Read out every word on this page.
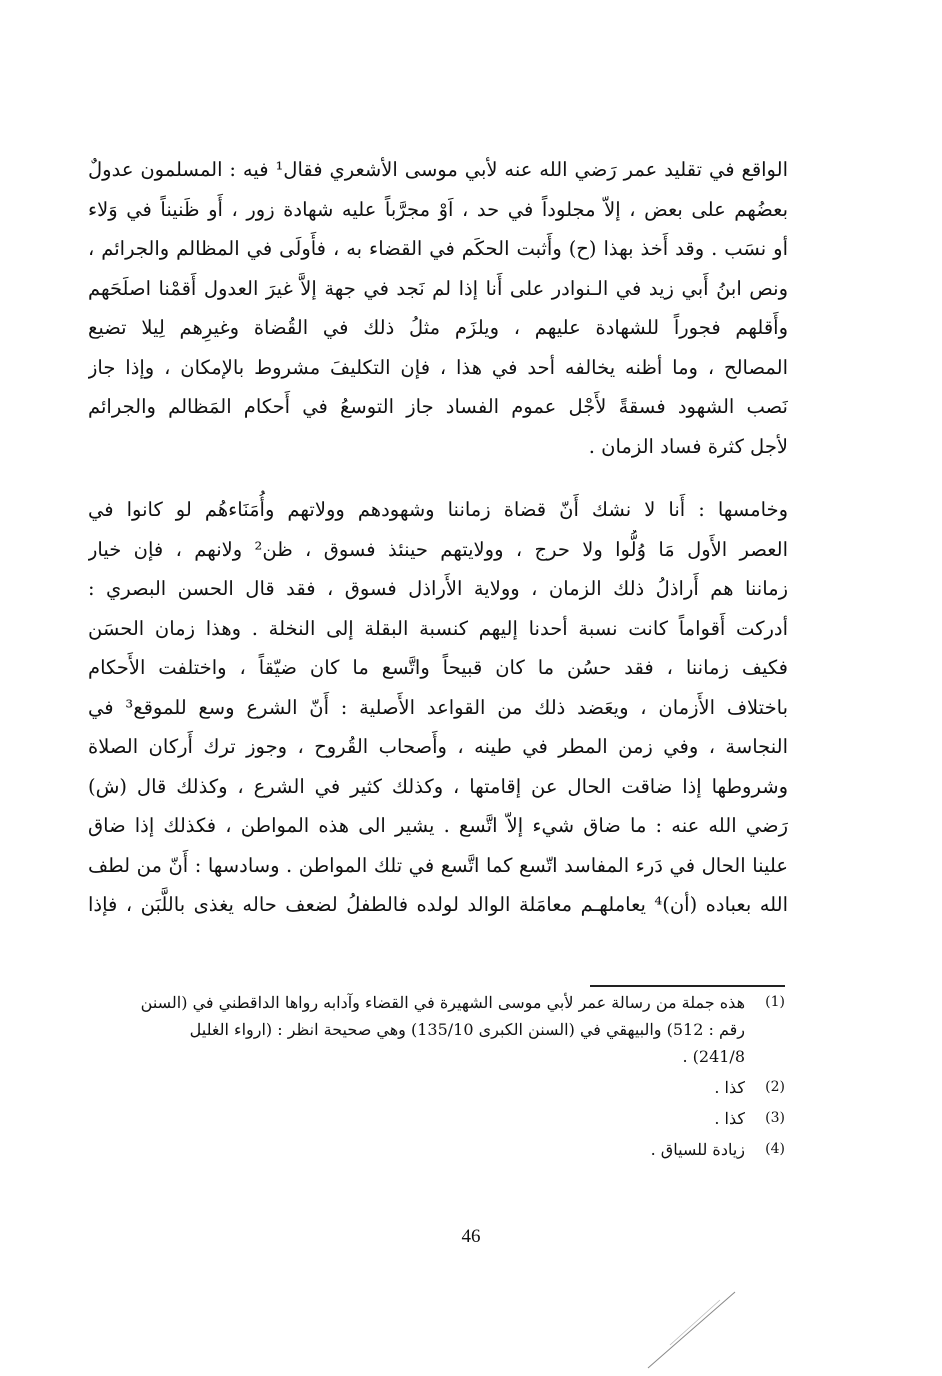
الواقع في تقليد عمر رَضي الله عنه لأبي موسى الأشعري فقال¹ فيه : المسلمون عدولٌ
بعضُهم على بعض ، إلاّ مجلوداً في حد ، اَوْ مجرَّباً عليه شهادة زور ، أَو ظَنيناً في وَلاء
أو نسَب . وقد أَخذ بهذا (ح) وأَثبت الحكَم في القضاء به ، فأَولَى في المظالم والجرائم ،
ونص ابنُ أَبي زيد في الـنوادر على أَنا إذا لم نَجد في جهة إلاَّ غيرَ العدول أَقمْنا اصلَحَهم
وأَقلهم فجوراً للشهادة عليهم ، ويلزَم مثلُ ذلك في القُضاة وغيرِهم لِيلا تضيع
المصالح ، وما أظنه يخالفه أحد في هذا ، فإن التكليفَ مشروط بالإمكان ، وإذا جاز
نَصب الشهود فسقةً لأَجْل عموم الفساد جاز التوسعُ في أَحكام المَظالم والجرائم
لأجل كثرة فساد الزمان .
وخامسها : أَنا لا نشك أَنّ قضاة زماننا وشهودهم وولاتهم وأُمَنَاءهُم لو كانوا في
العصر الأَول مَا وُلُّوا ولا حرج ، وولايتهم حينئذ فسوق ، ظن² ولانهم ، فإن خيار
زماننا هم أَراذلُ ذلك الزمان ، وولاية الأَراذل فسوق ، فقد قال الحسن البصري :
أدركت أَقواماً كانت نسبة أحدنا إليهم كنسبة البقلة إلى النخلة . وهذا زمان الحسَن
فكيف زماننا ، فقد حسُن ما كان قبيحاً واتَّسع ما كان ضيّقاً ، واختلفت الأَحكام
باختلاف الأَزمان ، ويعَضد ذلك من القواعد الأَصلية : أَنّ الشرع وسع للموقع³ في
النجاسة ، وفي زمن المطر في طينه ، وأَصحاب القُروح ، وجوز ترك أَركان الصلاة
وشروطها إذا ضاقت الحال عن إقامتها ، وكذلك كثير في الشرع ، وكذلك قال (ش)
رَضي الله عنه : ما ضاق شيء إلاّ اتَّسع . يشير الى هذه المواطن ، فكذلك إذا ضاق
علينا الحال في دَرء المفاسد اتّسع كما اتَّسع في تلك المواطن . وسادسها : أَنّ من لطف
الله بعباده (أن)⁴ يعاملهـم معامَلة الوالد لولده فالطفلُ لضعف حاله يغذى باللَّبَن ، فإذا
(1)
هذه جملة من رسالة عمر لأبي موسى الشهيرة في القضاء وآدابه رواها الداقطني في (السنن
رقم : 512) والبيهقي في (السنن الكبرى 135/10) وهي صحيحة انظر : (ارواء الغليل
241/8) .
(2)
كذا .
(3)
كذا .
(4)
زيادة للسياق .
46
